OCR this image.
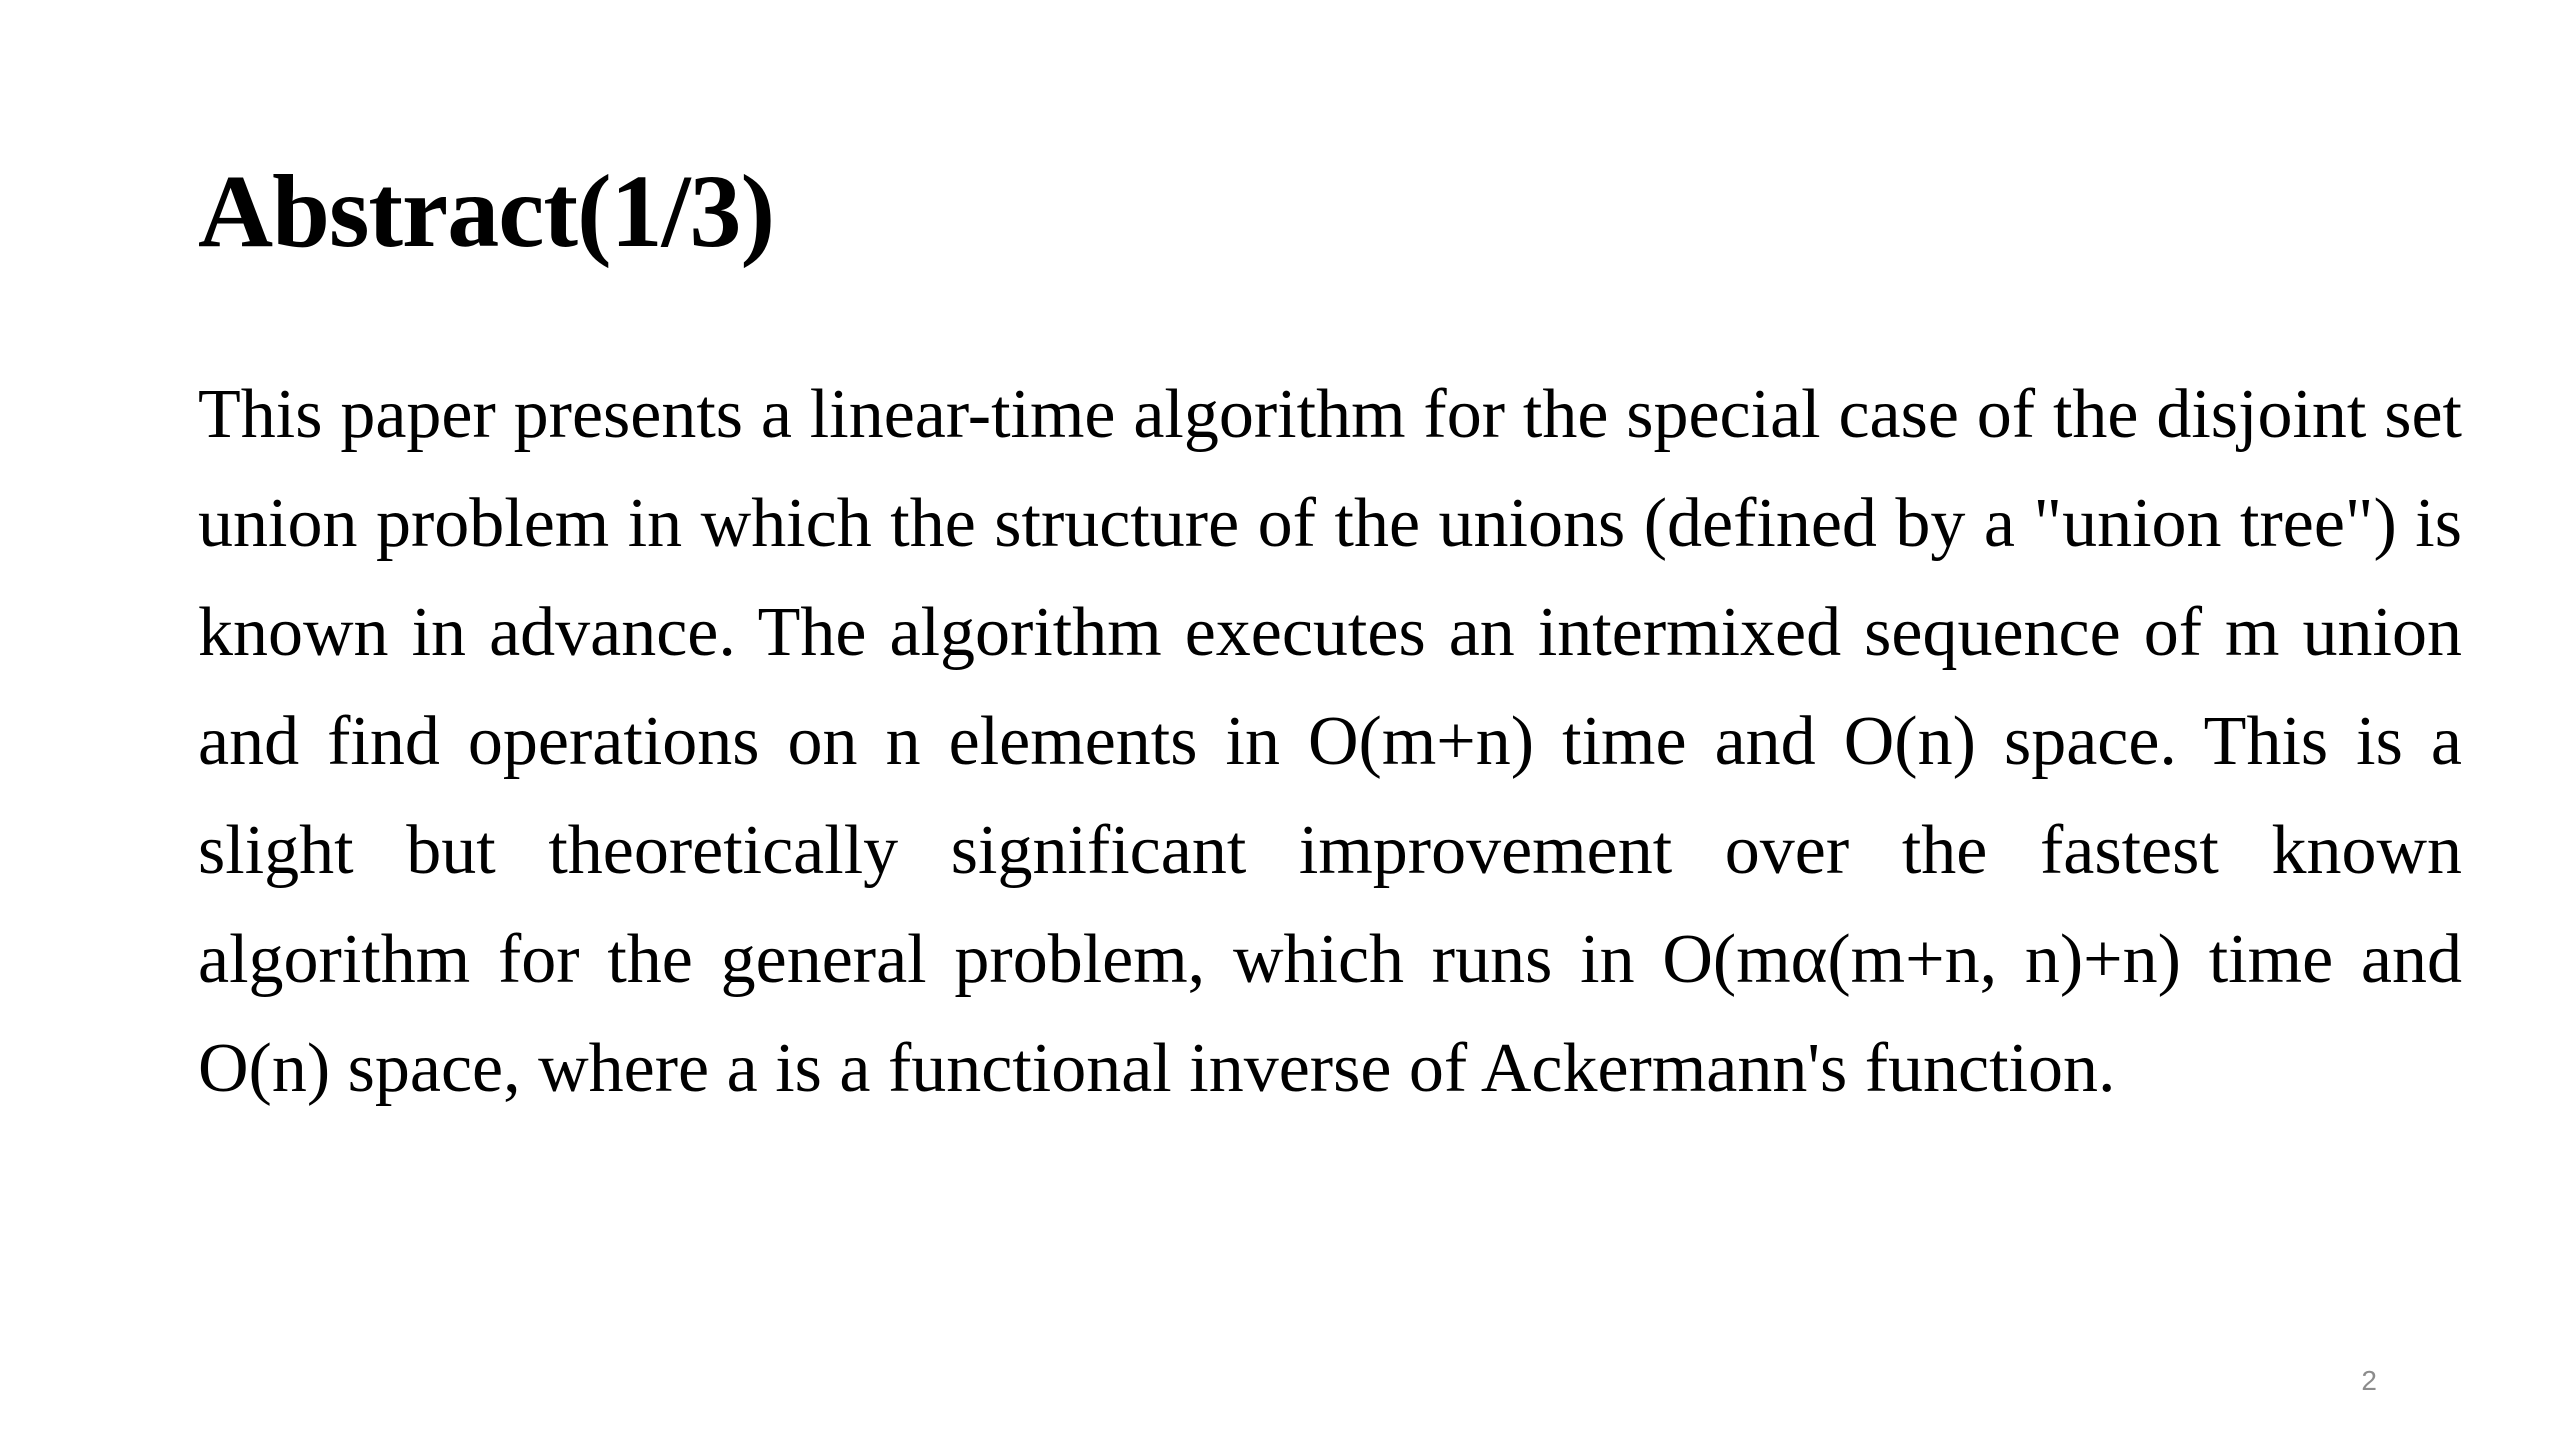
Abstract(1/3)

This paper presents a linear-time algorithm for the special case of the disjoint set union problem in which the structure of the unions (defined by a "union tree") is known in advance. The algorithm executes an intermixed sequence of m union and find operations on n elements in O(m+n) time and O(n) space. This is a slight but theoretically significant improvement over the fastest known algorithm for the general problem, which runs in O(mα(m+n, n)+n) time and O(n) space, where a is a functional inverse of Ackermann's function.

2
